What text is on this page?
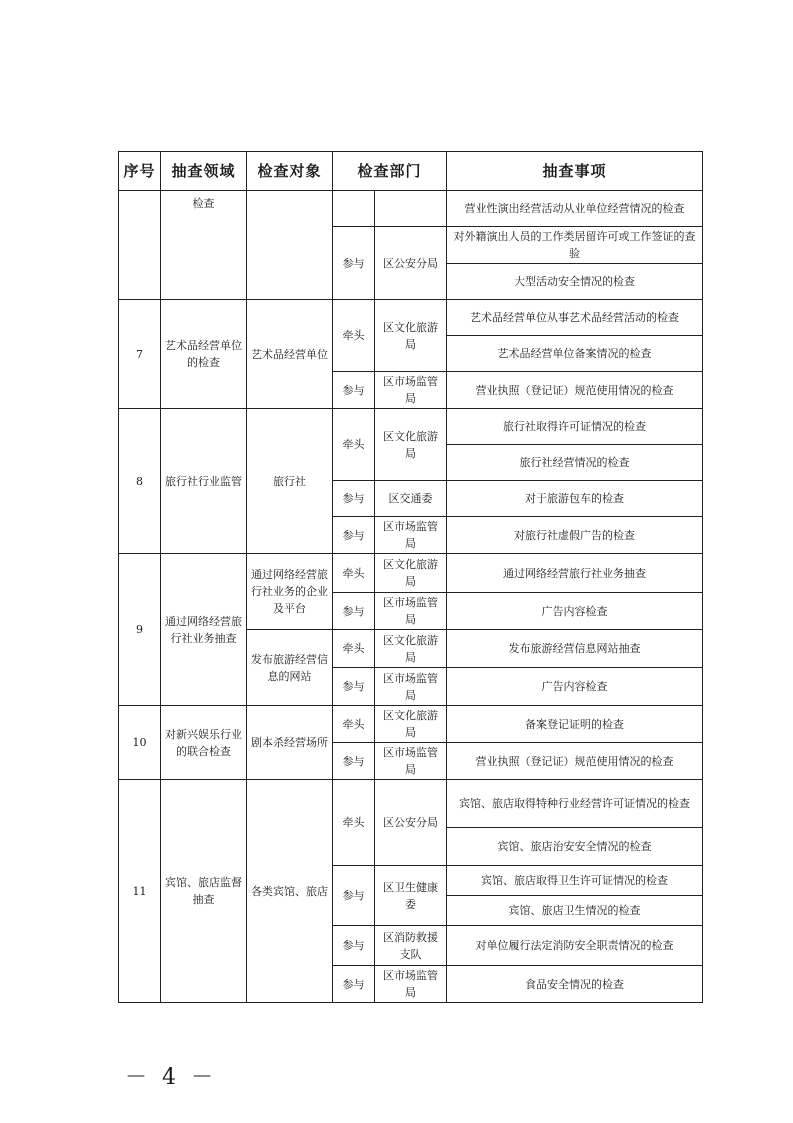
序号	抽查领域	检查对象	检查部门		抽查事项
	检查				营业性演出经营活动从业单位经营情况的检查
			参与	区公安分局	对外籍演出人员的工作类居留许可或工作签证的查验
					大型活动安全情况的检查
7	艺术品经营单位的检查	艺术品经营单位	牵头	区文化旅游局	艺术品经营单位从事艺术品经营活动的检查
					艺术品经营单位备案情况的检查
			参与	区市场监管局	营业执照（登记证）规范使用情况的检查
8	旅行社行业监管	旅行社	牵头	区文化旅游局	旅行社取得许可证情况的检查
					旅行社经营情况的检查
			参与	区交通委	对于旅游包车的检查
			参与	区市场监管局	对旅行社虚假广告的检查
9	通过网络经营旅行社业务抽查	通过网络经营旅行社业务的企业及平台	牵头	区文化旅游局	通过网络经营旅行社业务抽查
			参与	区市场监管局	广告内容检查
		发布旅游经营信息的网站	牵头	区文化旅游局	发布旅游经营信息网站抽查
			参与	区市场监管局	广告内容检查
10	对新兴娱乐行业的联合检查	剧本杀经营场所	牵头	区文化旅游局	备案登记证明的检查
			参与	区市场监管局	营业执照（登记证）规范使用情况的检查
11	宾馆、旅店监督抽查	各类宾馆、旅店	牵头	区公安分局	宾馆、旅店取得特种行业经营许可证情况的检查
					宾馆、旅店治安安全情况的检查
			参与	区卫生健康委	宾馆、旅店取得卫生许可证情况的检查
					宾馆、旅店卫生情况的检查
			参与	区消防救援支队	对单位履行法定消防安全职责情况的检查
			参与	区市场监管局	食品安全情况的检查
－ 4 －
